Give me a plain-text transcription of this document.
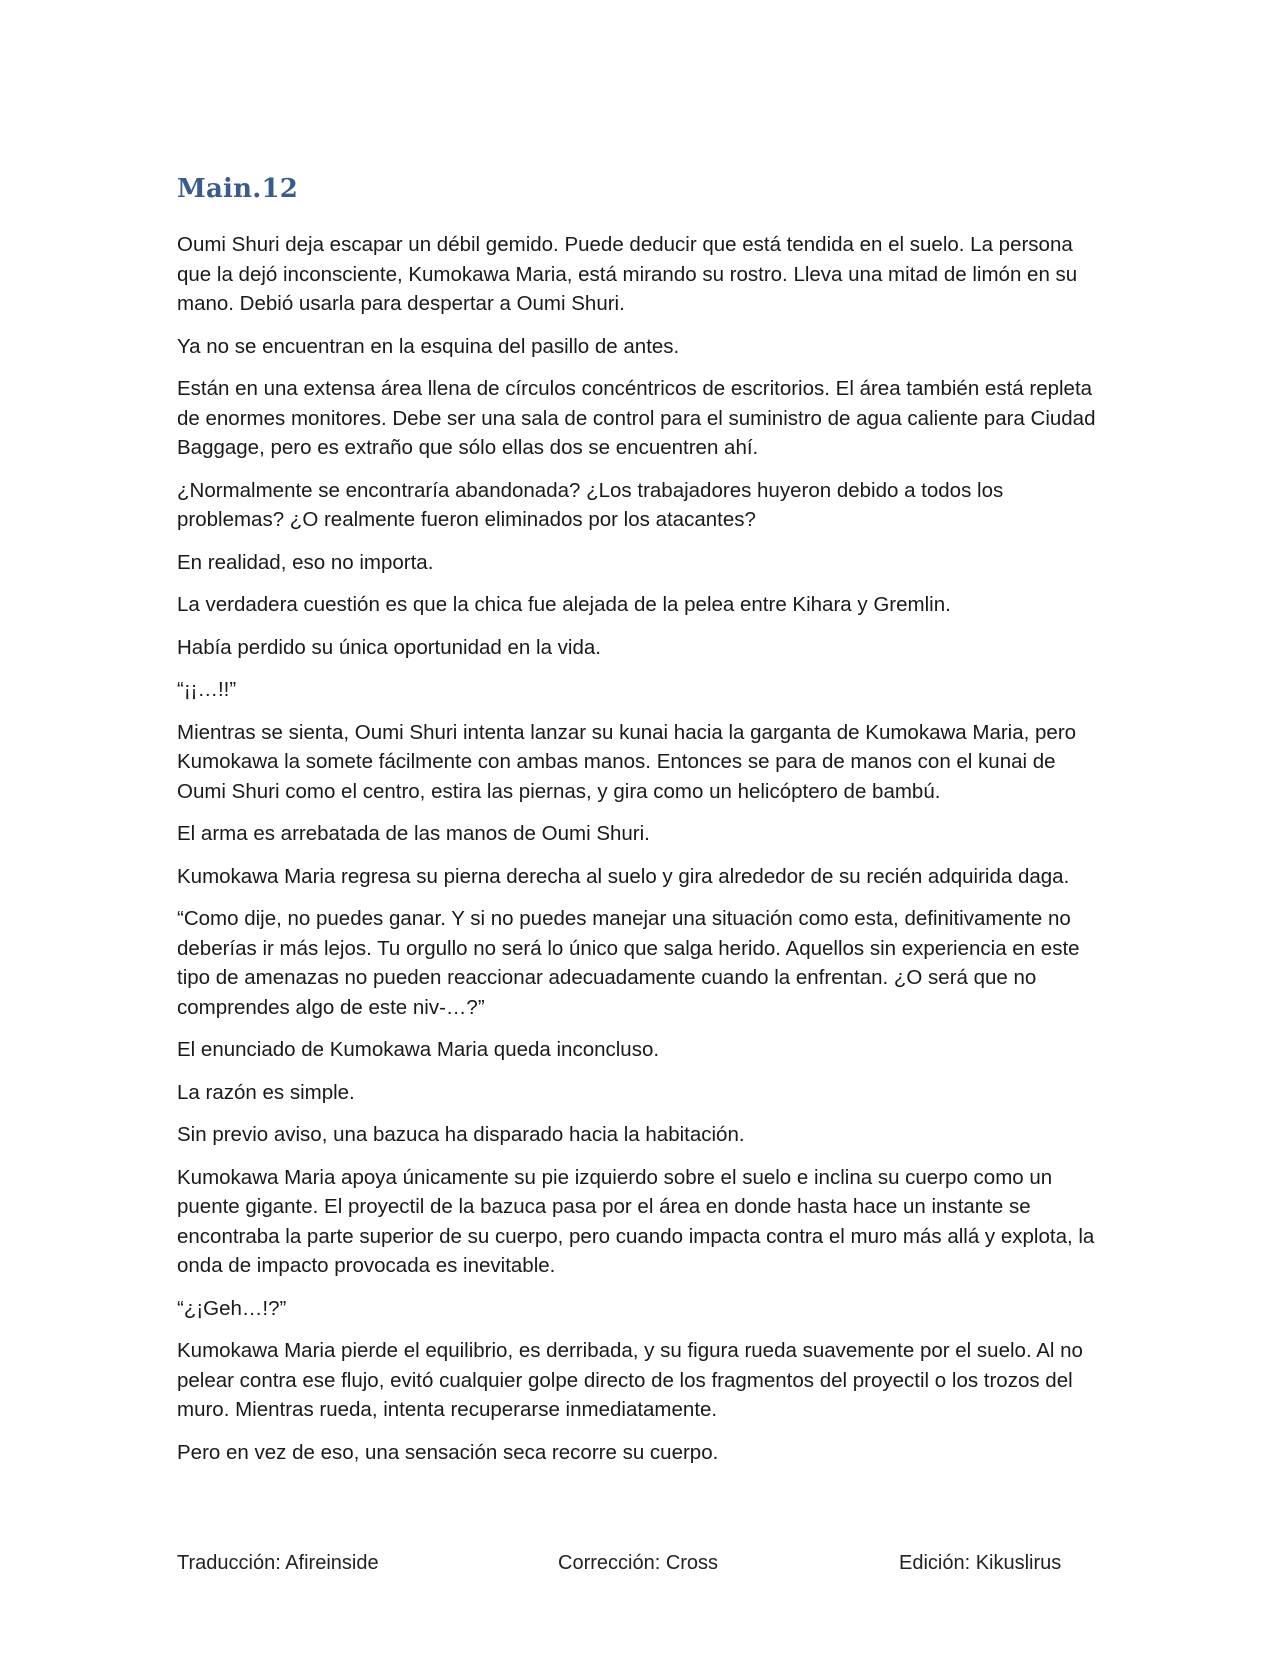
Main.12

Oumi Shuri deja escapar un débil gemido. Puede deducir que está tendida en el suelo. La persona que la dejó inconsciente, Kumokawa Maria, está mirando su rostro. Lleva una mitad de limón en su mano. Debió usarla para despertar a Oumi Shuri.

Ya no se encuentran en la esquina del pasillo de antes.

Están en una extensa área llena de círculos concéntricos de escritorios. El área también está repleta de enormes monitores. Debe ser una sala de control para el suministro de agua caliente para Ciudad Baggage, pero es extraño que sólo ellas dos se encuentren ahí.

¿Normalmente se encontraría abandonada? ¿Los trabajadores huyeron debido a todos los problemas? ¿O realmente fueron eliminados por los atacantes?

En realidad, eso no importa.

La verdadera cuestión es que la chica fue alejada de la pelea entre Kihara y Gremlin.

Había perdido su única oportunidad en la vida.

“¡¡…!!”

Mientras se sienta, Oumi Shuri intenta lanzar su kunai hacia la garganta de Kumokawa Maria, pero Kumokawa la somete fácilmente con ambas manos. Entonces se para de manos con el kunai de Oumi Shuri como el centro, estira las piernas, y gira como un helicóptero de bambú.

El arma es arrebatada de las manos de Oumi Shuri.

Kumokawa Maria regresa su pierna derecha al suelo y gira alrededor de su recién adquirida daga.

“Como dije, no puedes ganar. Y si no puedes manejar una situación como esta, definitivamente no deberías ir más lejos. Tu orgullo no será lo único que salga herido. Aquellos sin experiencia en este tipo de amenazas no pueden reaccionar adecuadamente cuando la enfrentan. ¿O será que no comprendes algo de este niv-…?”

El enunciado de Kumokawa Maria queda inconcluso.

La razón es simple.

Sin previo aviso, una bazuca ha disparado hacia la habitación.

Kumokawa Maria apoya únicamente su pie izquierdo sobre el suelo e inclina su cuerpo como un puente gigante. El proyectil de la bazuca pasa por el área en donde hasta hace un instante se encontraba la parte superior de su cuerpo, pero cuando impacta contra el muro más allá y explota, la onda de impacto provocada es inevitable.

“¿¡Geh…!?”

Kumokawa Maria pierde el equilibrio, es derribada, y su figura rueda suavemente por el suelo. Al no pelear contra ese flujo, evitó cualquier golpe directo de los fragmentos del proyectil o los trozos del muro. Mientras rueda, intenta recuperarse inmediatamente.

Pero en vez de eso, una sensación seca recorre su cuerpo.

Traducción: Afireinside	Corrección: Cross	Edición: Kikuslirus
